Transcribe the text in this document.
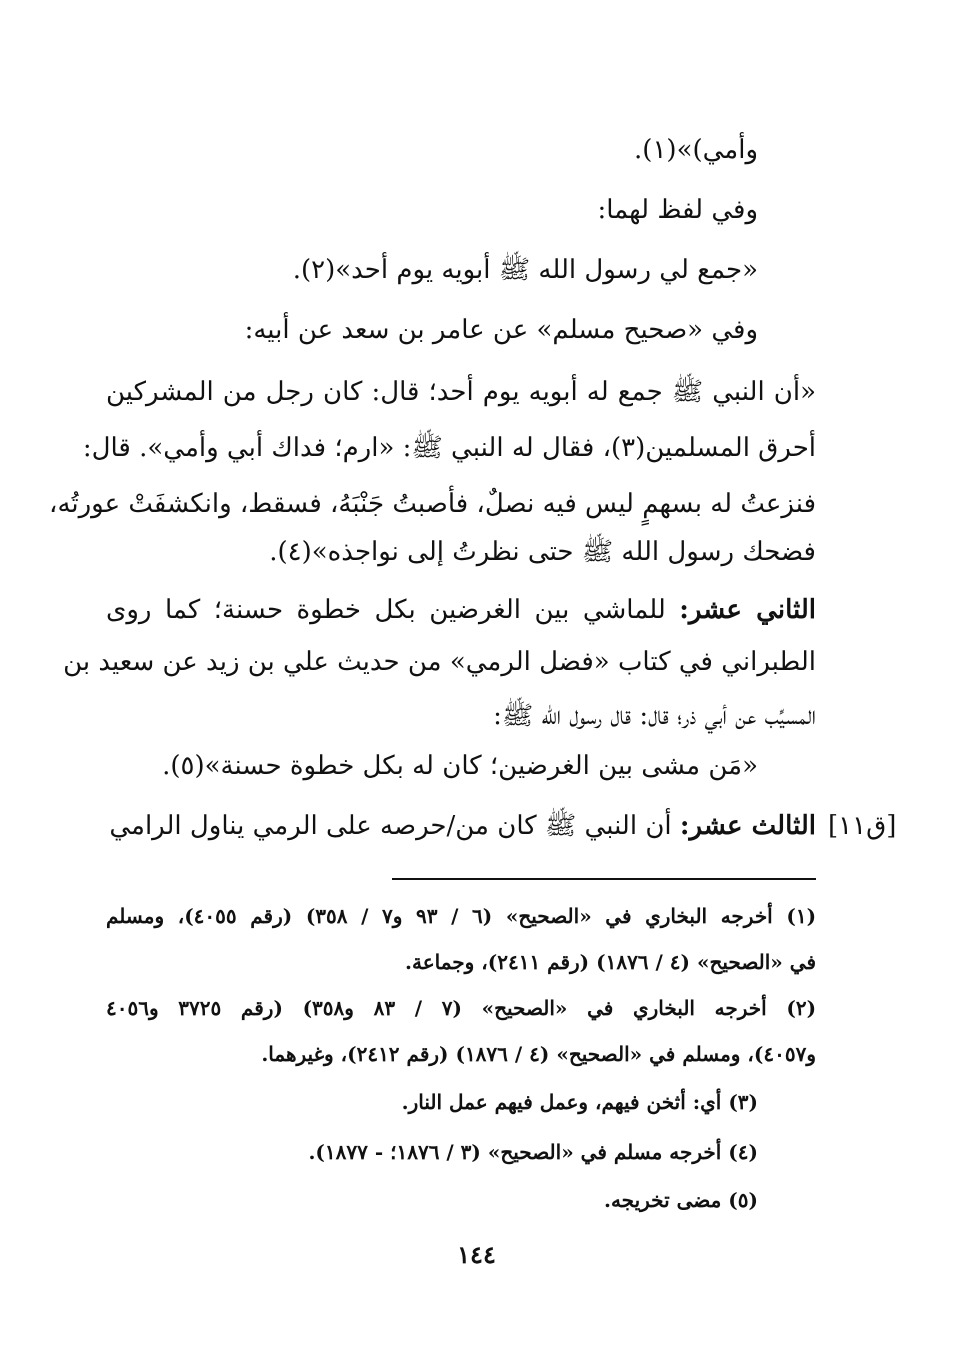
وأمي)»(١).
وفي لفظ لهما:
«جمع لي رسول الله ﷺ أبويه يوم أحد»(٢).
وفي «صحيح مسلم» عن عامر بن سعد عن أبيه:
«أن النبي ﷺ جمع له أبويه يوم أحد؛ قال: كان رجل من المشركين
أحرق المسلمين(٣)، فقال له النبي ﷺ: «ارم؛ فداك أبي وأمي». قال:
فنزعتُ له بسهمٍ ليس فيه نصلٌ، فأصبتُ جَنْبَهُ، فسقط، وانكشفَتْ عورتُه،
فضحك رسول الله ﷺ حتى نظرتُ إلى نواجذه»(٤).
الثاني عشر: للماشي بين الغرضين بكل خطوة حسنة؛ كما روى
الطبراني في كتاب «فضل الرمي» من حديث علي بن زيد عن سعيد بن
المسيِّب عن أبي ذر؛ قال: قال رسول الله ﷺ:
«مَن مشى بين الغرضين؛ كان له بكل خطوة حسنة»(٥).
الثالث عشر: أن النبي ﷺ كان من/حرصه على الرمي يناول الرامي	[ق١١]
(١) أخرجه البخاري في «الصحيح» (٦ / ٩٣ و٧ / ٣٥٨) (رقم ٤٠٥٥)، ومسلم
في «الصحيح» (٤ / ١٨٧٦) (رقم ٢٤١١)، وجماعة.
(٢) أخرجه البخاري في «الصحيح» (٧ / ٨٣ و٣٥٨) (رقم ٣٧٢٥ و٤٠٥٦
و٤٠٥٧)، ومسلم في «الصحيح» (٤ / ١٨٧٦) (رقم ٢٤١٢)، وغيرهما.
(٣) أي: أثخن فيهم، وعمل فيهم عمل النار.
(٤) أخرجه مسلم في «الصحيح» (٣ / ١٨٧٦؛ - ١٨٧٧).
(٥) مضى تخريجه.
١٤٤
